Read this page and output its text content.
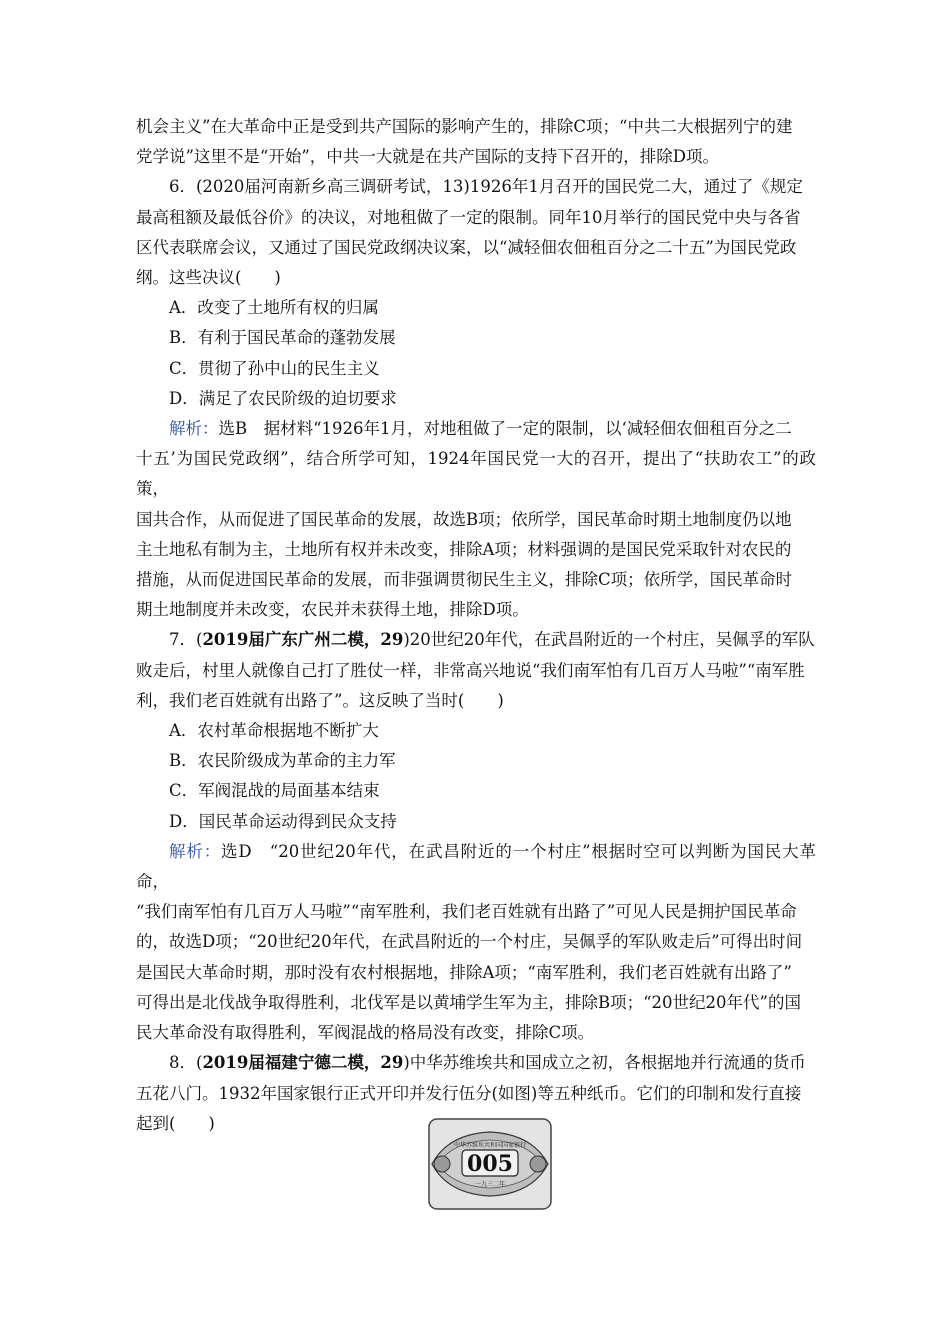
机会主义”在大革命中正是受到共产国际的影响产生的，排除C项；“中共二大根据列宁的建

党学说”这里不是“开始”，中共一大就是在共产国际的支持下召开的，排除D项。

6．(2020届河南新乡高三调研考试，13)1926年1月召开的国民党二大，通过了《规定

最高租额及最低谷价》的决议，对地租做了一定的限制。同年10月举行的国民党中央与各省

区代表联席会议，又通过了国民党政纲决议案，以“减轻佃农佃租百分之二十五”为国民党政

纲。这些决议(　　)

A．改变了土地所有权的归属

B．有利于国民革命的蓬勃发展

C．贯彻了孙中山的民生主义

D．满足了农民阶级的迫切要求

解析：选B　据材料“1926年1月，对地租做了一定的限制，以‘减轻佃农佃租百分之二

十五’为国民党政纲”，结合所学可知，1924年国民党一大的召开，提出了“扶助农工”的政策，

国共合作，从而促进了国民革命的发展，故选B项；依所学，国民革命时期土地制度仍以地

主土地私有制为主，土地所有权并未改变，排除A项；材料强调的是国民党采取针对农民的

措施，从而促进国民革命的发展，而非强调贯彻民生主义，排除C项；依所学，国民革命时

期土地制度并未改变，农民并未获得土地，排除D项。

7．(2019届广东广州二模，29)20世纪20年代，在武昌附近的一个村庄，吴佩孚的军队

败走后，村里人就像自己打了胜仗一样，非常高兴地说“我们南军怕有几百万人马啦”“南军胜

利，我们老百姓就有出路了”。这反映了当时(　　)

A．农村革命根据地不断扩大

B．农民阶级成为革命的主力军

C．军阀混战的局面基本结束

D．国民革命运动得到民众支持

解析：选D　“20世纪20年代，在武昌附近的一个村庄”根据时空可以判断为国民大革命，

“我们南军怕有几百万人马啦”“南军胜利，我们老百姓就有出路了”可见人民是拥护国民革命

的，故选D项；“20世纪20年代，在武昌附近的一个村庄，吴佩孚的军队败走后”可得出时间

是国民大革命时期，那时没有农村根据地，排除A项；“南军胜利，我们老百姓就有出路了”

可得出是北伐战争取得胜利，北伐军是以黄埔学生军为主，排除B项；“20世纪20年代”的国

民大革命没有取得胜利，军阀混战的格局没有改变，排除C项。

8．(2019届福建宁德二模，29)中华苏维埃共和国成立之初，各根据地并行流通的货币

五花八门。1932年国家银行正式开印并发行伍分(如图)等五种纸币。它们的印制和发行直接

起到(　　)

中华苏维埃共和国国家银行
005
一九三二年
